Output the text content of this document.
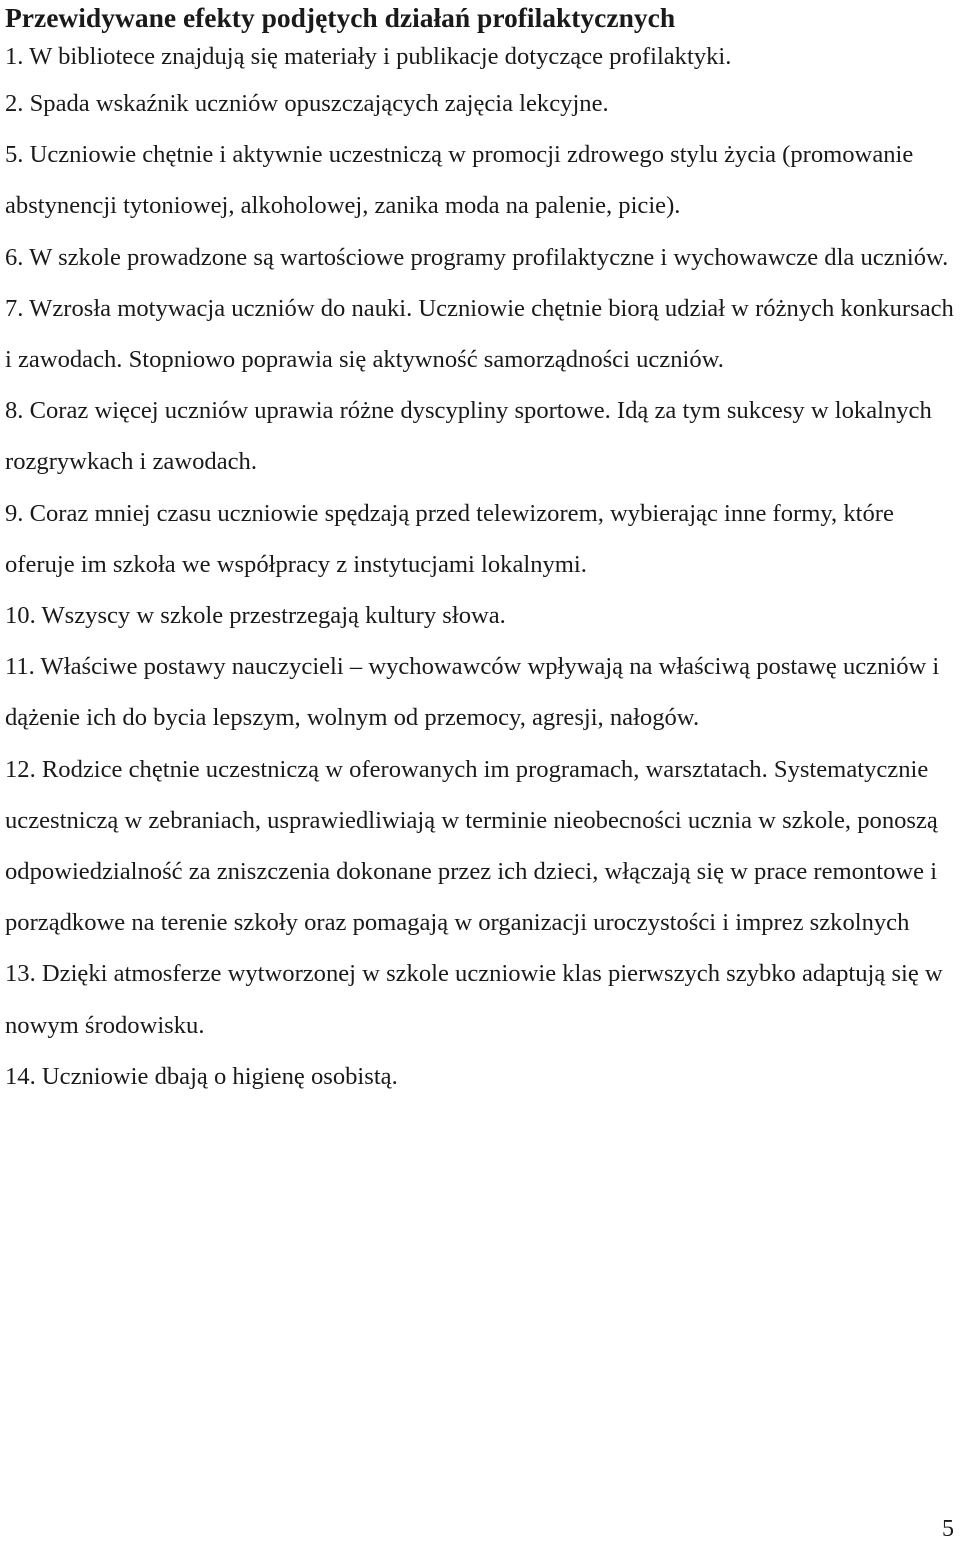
Przewidywane efekty podjętych działań profilaktycznych
1. W bibliotece znajdują się materiały i publikacje dotyczące profilaktyki.
2. Spada wskaźnik uczniów opuszczających zajęcia lekcyjne.
5. Uczniowie chętnie i aktywnie uczestniczą w promocji zdrowego stylu życia (promowanie abstynencji tytoniowej, alkoholowej, zanika moda na palenie, picie).
6. W szkole prowadzone są wartościowe programy profilaktyczne i wychowawcze dla uczniów.
7. Wzrosła motywacja uczniów do nauki. Uczniowie chętnie biorą udział w różnych konkursach i zawodach. Stopniowo poprawia się aktywność samorządności uczniów.
8. Coraz więcej uczniów uprawia różne dyscypliny sportowe. Idą za tym sukcesy w lokalnych rozgrywkach i zawodach.
9. Coraz mniej czasu uczniowie spędzają przed telewizorem, wybierając inne formy, które oferuje im szkoła we współpracy z instytucjami lokalnymi.
10. Wszyscy w szkole przestrzegają kultury słowa.
11. Właściwe postawy nauczycieli – wychowawców wpływają na właściwą postawę uczniów i dążenie ich do bycia lepszym, wolnym od przemocy, agresji, nałogów.
12. Rodzice chętnie uczestniczą w oferowanych im programach, warsztatach. Systematycznie uczestniczą w zebraniach, usprawiedliwiają w terminie nieobecności ucznia w szkole, ponoszą odpowiedzialność za zniszczenia dokonane przez ich dzieci, włączają się w prace remontowe i porządkowe na terenie szkoły oraz pomagają w organizacji uroczystości i imprez szkolnych
13. Dzięki atmosferze wytworzonej w szkole uczniowie klas pierwszych szybko adaptują się w nowym środowisku.
14. Uczniowie dbają o higienę osobistą.
5
